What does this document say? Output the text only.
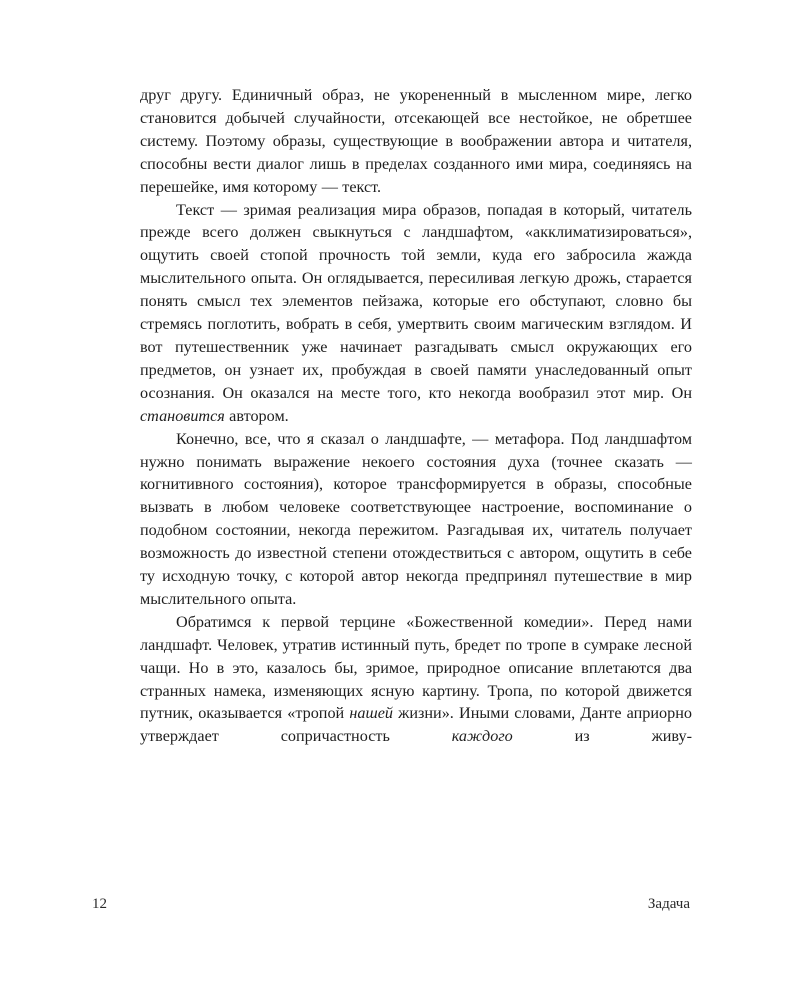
друг другу. Единичный образ, не укорененный в мысленном мире, легко становится добычей случайности, отсекающей все нестойкое, не обретшее систему. Поэтому образы, существующие в воображении автора и читателя, способны вести диалог лишь в пределах созданного ими мира, соединяясь на перешейке, имя которому — текст.

Текст — зримая реализация мира образов, попадая в который, читатель прежде всего должен свыкнуться с ландшафтом, «акклиматизироваться», ощутить своей стопой прочность той земли, куда его забросила жажда мыслительного опыта. Он оглядывается, пересиливая легкую дрожь, старается понять смысл тех элементов пейзажа, которые его обступают, словно бы стремясь поглотить, вобрать в себя, умертвить своим магическим взглядом. И вот путешественник уже начинает разгадывать смысл окружающих его предметов, он узнает их, пробуждая в своей памяти унаследованный опыт осознания. Он оказался на месте того, кто некогда вообразил этот мир. Он становится автором.

Конечно, все, что я сказал о ландшафте, — метафора. Под ландшафтом нужно понимать выражение некоего состояния духа (точнее сказать — когнитивного состояния), которое трансформируется в образы, способные вызвать в любом человеке соответствующее настроение, воспоминание о подобном состоянии, некогда пережитом. Разгадывая их, читатель получает возможность до известной степени отождествиться с автором, ощутить в себе ту исходную точку, с которой автор некогда предпринял путешествие в мир мыслительного опыта.

Обратимся к первой терцине «Божественной комедии». Перед нами ландшафт. Человек, утратив истинный путь, бредет по тропе в сумраке лесной чащи. Но в это, казалось бы, зримое, природное описание вплетаются два странных намека, изменяющих ясную картину. Тропа, по которой движется путник, оказывается «тропой нашей жизни». Иными словами, Данте априорно утверждает сопричастность каждого из живу-

12	Задача
